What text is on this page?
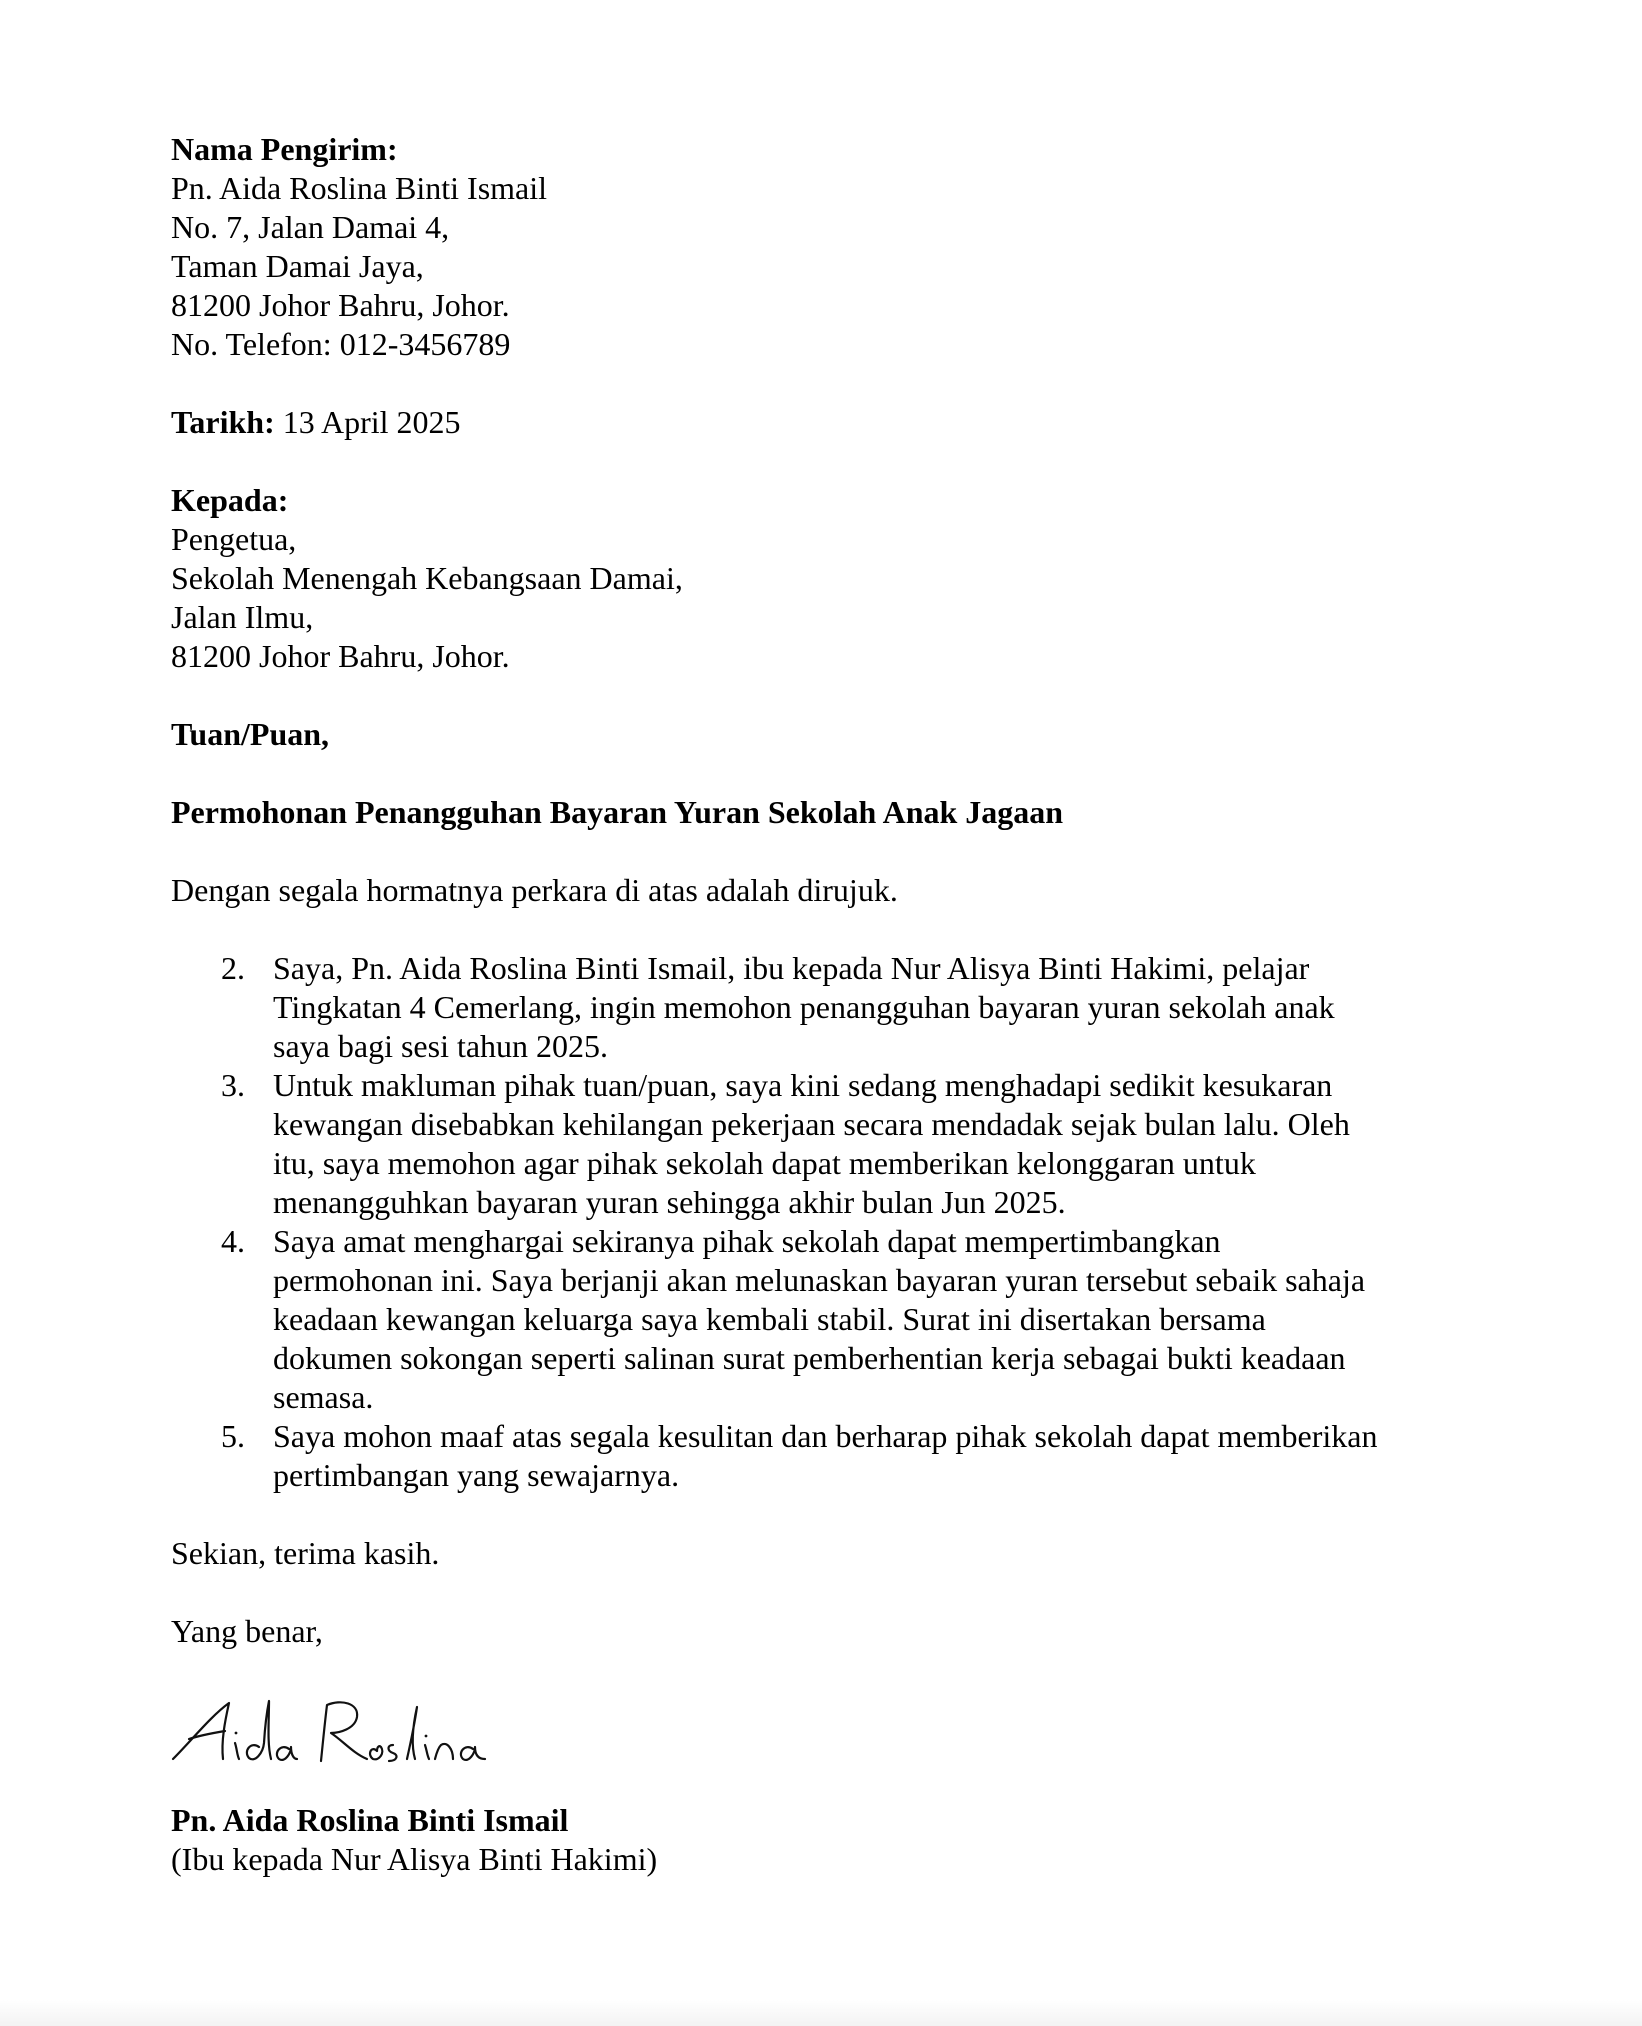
Nama Pengirim:
Pn. Aida Roslina Binti Ismail
No. 7, Jalan Damai 4,
Taman Damai Jaya,
81200 Johor Bahru, Johor.
No. Telefon: 012-3456789
Tarikh: 13 April 2025
Kepada:
Pengetua,
Sekolah Menengah Kebangsaan Damai,
Jalan Ilmu,
81200 Johor Bahru, Johor.
Tuan/Puan,
Permohonan Penangguhan Bayaran Yuran Sekolah Anak Jagaan
Dengan segala hormatnya perkara di atas adalah dirujuk.
2. Saya, Pn. Aida Roslina Binti Ismail, ibu kepada Nur Alisya Binti Hakimi, pelajar
Tingkatan 4 Cemerlang, ingin memohon penangguhan bayaran yuran sekolah anak
saya bagi sesi tahun 2025.
3. Untuk makluman pihak tuan/puan, saya kini sedang menghadapi sedikit kesukaran
kewangan disebabkan kehilangan pekerjaan secara mendadak sejak bulan lalu. Oleh
itu, saya memohon agar pihak sekolah dapat memberikan kelonggaran untuk
menangguhkan bayaran yuran sehingga akhir bulan Jun 2025.
4. Saya amat menghargai sekiranya pihak sekolah dapat mempertimbangkan
permohonan ini. Saya berjanji akan melunaskan bayaran yuran tersebut sebaik sahaja
keadaan kewangan keluarga saya kembali stabil. Surat ini disertakan bersama
dokumen sokongan seperti salinan surat pemberhentian kerja sebagai bukti keadaan
semasa.
5. Saya mohon maaf atas segala kesulitan dan berharap pihak sekolah dapat memberikan
pertimbangan yang sewajarnya.
Sekian, terima kasih.
Yang benar,
Pn. Aida Roslina Binti Ismail
(Ibu kepada Nur Alisya Binti Hakimi)
